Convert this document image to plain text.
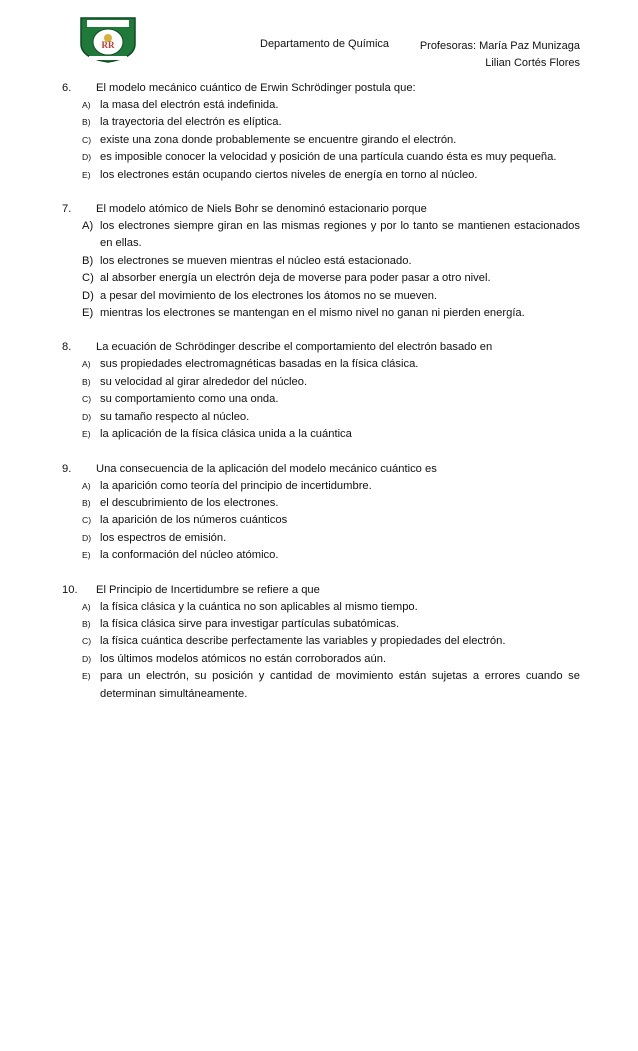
RR	Departamento de Química	Profesoras: María Paz Munizaga
Lilian Cortés Flores
6.	El modelo mecánico cuántico de Erwin Schrödinger postula que:
A) la masa del electrón está indefinida.
B) la trayectoria del electrón es elíptica.
C) existe una zona donde probablemente se encuentre girando el electrón.
D) es imposible conocer la velocidad y posición de una partícula cuando ésta es muy pequeña.
E) los electrones están ocupando ciertos niveles de energía en torno al núcleo.
7.	El modelo atómico de Niels Bohr se denominó estacionario porque
A) los electrones siempre giran en las mismas regiones y por lo tanto se mantienen estacionados en ellas.
B) los electrones se mueven mientras el núcleo está estacionado.
C) al absorber energía un electrón deja de moverse para poder pasar a otro nivel.
D) a pesar del movimiento de los electrones los átomos no se mueven.
E) mientras los electrones se mantengan en el mismo nivel no ganan ni pierden energía.
8.	La ecuación de Schrödinger describe el comportamiento del electrón basado en
A) sus propiedades electromagnéticas basadas en la física clásica.
B) su velocidad al girar alrededor del núcleo.
C) su comportamiento como una onda.
D) su tamaño respecto al núcleo.
E) la aplicación de la física clásica unida a la cuántica
9.	Una consecuencia de la aplicación del modelo mecánico cuántico es
A) la aparición como teoría del principio de incertidumbre.
B) el descubrimiento de los electrones.
C) la aparición de los números cuánticos
D) los espectros de emisión.
E) la conformación del núcleo atómico.
10.	El Principio de Incertidumbre se refiere a que
A) la física clásica y la cuántica no son aplicables al mismo tiempo.
B) la física clásica sirve para investigar partículas subatómicas.
C) la física cuántica describe perfectamente las variables y propiedades del electrón.
D) los últimos modelos atómicos no están corroborados aún.
E) para un electrón, su posición y cantidad de movimiento están sujetas a errores cuando se determinan simultáneamente.
